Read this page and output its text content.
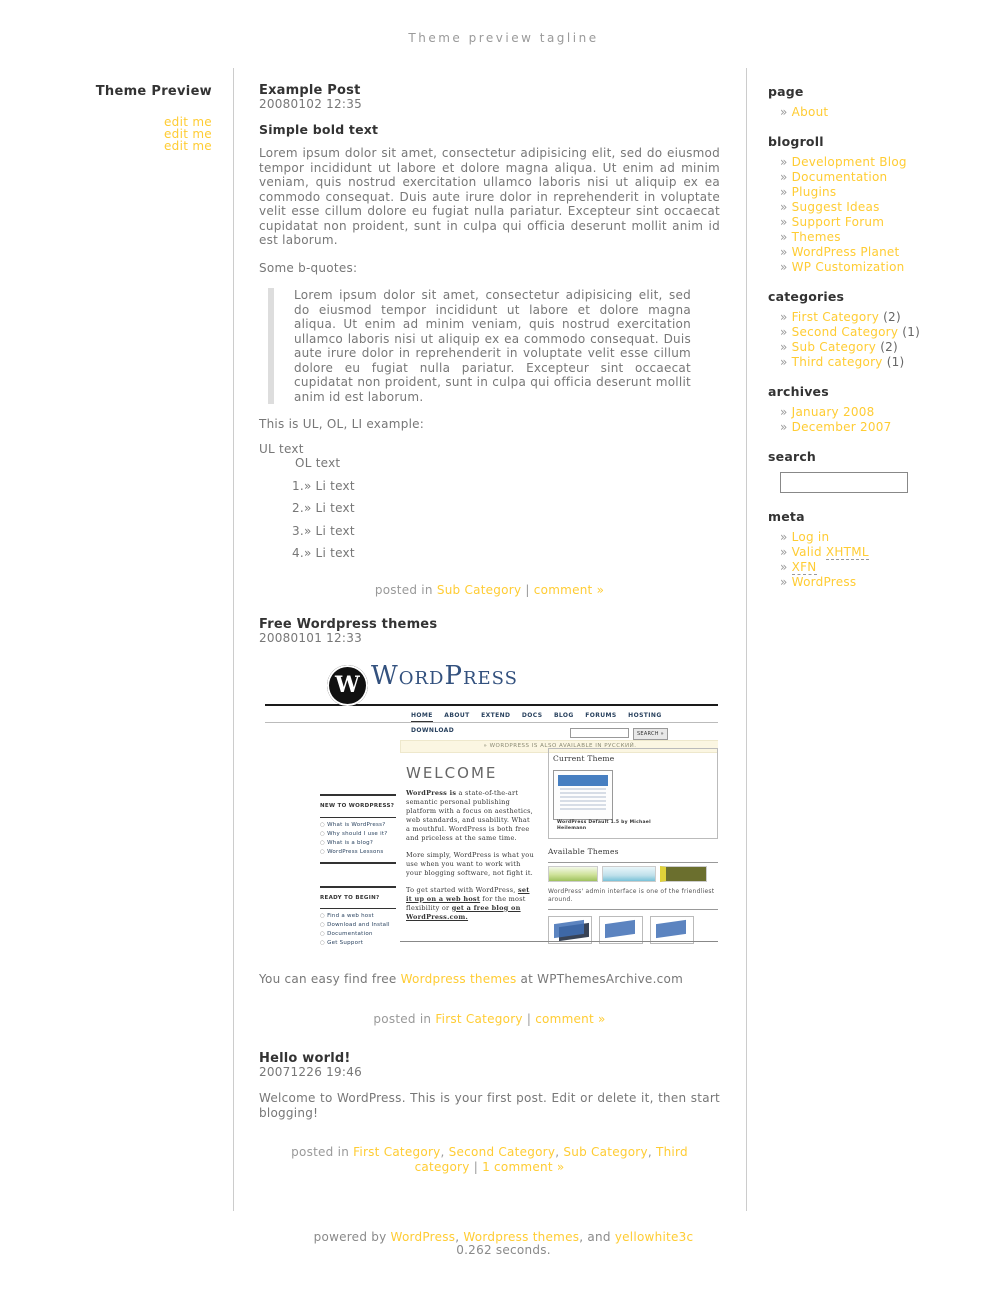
Theme preview tagline
Theme Preview
edit me
edit me
edit me
Example Post
20080102 12:35
Simple bold text

Lorem ipsum dolor sit amet, consectetur adipisicing elit, sed do eiusmod tempor incididunt ut labore et dolore magna aliqua. Ut enim ad minim veniam, quis nostrud exercitation ullamco laboris nisi ut aliquip ex ea commodo consequat. Duis aute irure dolor in reprehenderit in voluptate velit esse cillum dolore eu fugiat nulla pariatur. Excepteur sint occaecat cupidatat non proident, sunt in culpa qui officia deserunt mollit anim id est laborum.

Some b-quotes:

Lorem ipsum dolor sit amet, consectetur adipisicing elit, sed do eiusmod tempor incididunt ut labore et dolore magna aliqua. Ut enim ad minim veniam, quis nostrud exercitation ullamco laboris nisi ut aliquip ex ea commodo consequat. Duis aute irure dolor in reprehenderit in voluptate velit esse cillum dolore eu fugiat nulla pariatur. Excepteur sint occaecat cupidatat non proident, sunt in culpa qui officia deserunt mollit anim id est laborum.

This is UL, OL, LI example:

UL text
OL text
1.» Li text
2.» Li text
3.» Li text
4.» Li text

posted in Sub Category | comment »

Free Wordpress themes
20080101 12:33
W WordPress
HOME ABOUT EXTEND DOCS BLOG FORUMS HOSTING DOWNLOAD
SEARCH »
» WORDPRESS IS ALSO AVAILABLE IN РУССКИЙ.
NEW TO WORDPRESS?
○ What is WordPress?
○ Why should I use it?
○ What is a blog?
○ WordPress Lessons
READY TO BEGIN?
○ Find a web host
○ Download and Install
○ Documentation
○ Get Support
WELCOME

WordPress is a state-of-the-art semantic personal publishing platform with a focus on aesthetics, web standards, and usability. What a mouthful. WordPress is both free and priceless at the same time.

More simply, WordPress is what you use when you want to work with your blogging software, not fight it.

To get started with WordPress, set it up on a web host for the most flexibility or get a free blog on WordPress.com.

Current Theme
WordPress Default 1.5 by Michael Heilemann
Available Themes
WordPress' admin interface is one of the friendliest around.

You can easy find free Wordpress themes at WPThemesArchive.com

posted in First Category | comment »

Hello world!
20071226 19:46

Welcome to WordPress. This is your first post. Edit or delete it, then start blogging!

posted in First Category, Second Category, Sub Category, Third category | 1 comment »

page
» About
blogroll
» Development Blog
» Documentation
» Plugins
» Suggest Ideas
» Support Forum
» Themes
» WordPress Planet
» WP Customization
categories
» First Category (2)
» Second Category (1)
» Sub Category (2)
» Third category (1)
archives
» January 2008
» December 2007
search
meta
» Log in
» Valid XHTML
» XFN
» WordPress
powered by WordPress, Wordpress themes, and yellowhite3c
0.262 seconds.
